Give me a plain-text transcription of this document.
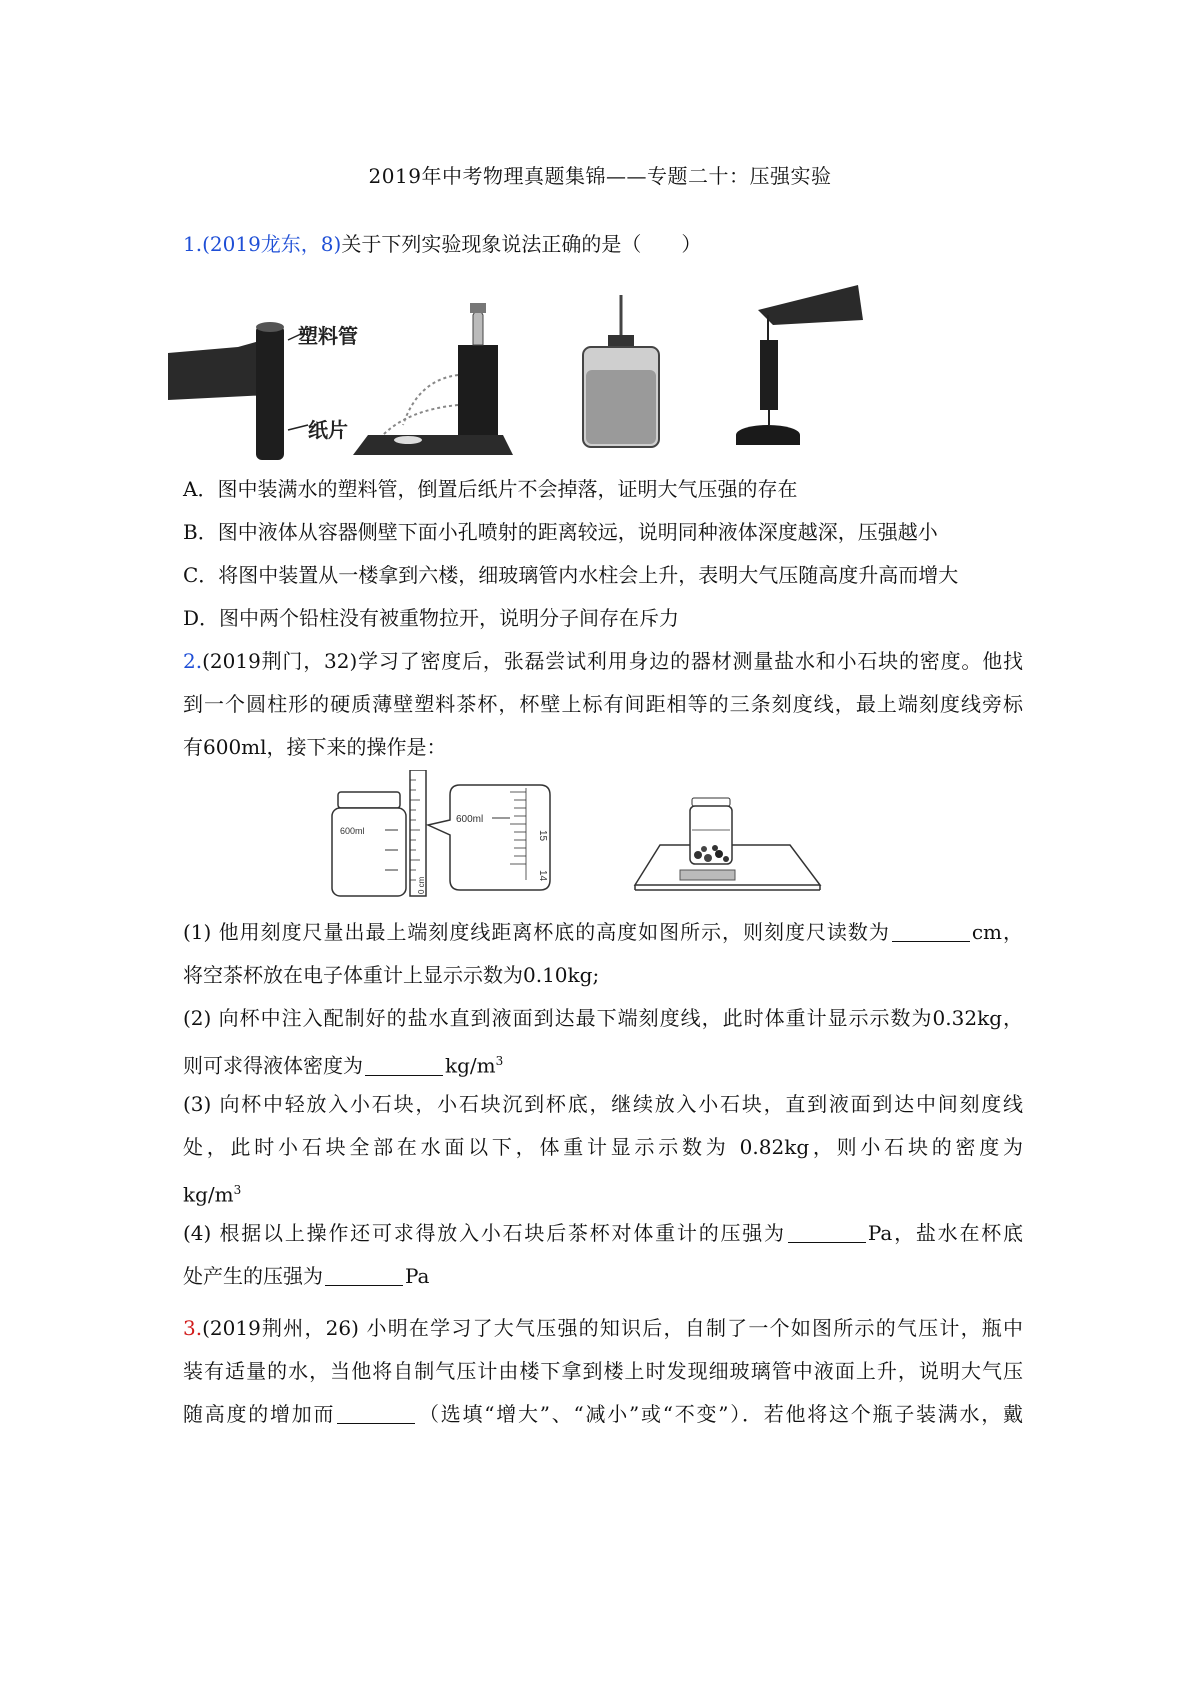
2019年中考物理真题集锦——专题二十：压强实验
1.(2019龙东，8)关于下列实验现象说法正确的是（　　）
塑料管
纸片
A．图中装满水的塑料管，倒置后纸片不会掉落，证明大气压强的存在
B．图中液体从容器侧壁下面小孔喷射的距离较远，说明同种液体深度越深，压强越小
C．将图中装置从一楼拿到六楼，细玻璃管内水柱会上升，表明大气压随高度升高而增大
D．图中两个铅柱没有被重物拉开，说明分子间存在斥力
2.(2019荆门，32)学习了密度后，张磊尝试利用身边的器材测量盐水和小石块的密度。他找
到一个圆柱形的硬质薄壁塑料茶杯，杯壁上标有间距相等的三条刻度线，最上端刻度线旁标
有600ml，接下来的操作是：
600ml
0 cm
600ml
15
14
(1) 他用刻度尺量出最上端刻度线距离杯底的高度如图所示，则刻度尺读数为	cm，
将空茶杯放在电子体重计上显示示数为0.10kg;
(2) 向杯中注入配制好的盐水直到液面到达最下端刻度线，此时体重计显示示数为0.32kg，
则可求得液体密度为	$kg/m^3$
(3) 向杯中轻放入小石块，小石块沉到杯底，继续放入小石块，直到液面到达中间刻度线
处，此时小石块全部在水面以下，体重计显示示数为 0.82kg，则小石块的密度为
$kg/m^3$
(4) 根据以上操作还可求得放入小石块后茶杯对体重计的压强为	Pa，盐水在杯底
处产生的压强为	Pa
3.(2019荆州，26) 小明在学习了大气压强的知识后，自制了一个如图所示的气压计，瓶中
装有适量的水，当他将自制气压计由楼下拿到楼上时发现细玻璃管中液面上升，说明大气压
随高度的增加而	（选填“增大”、“减小”或“不变”）．若他将这个瓶子装满水，戴
